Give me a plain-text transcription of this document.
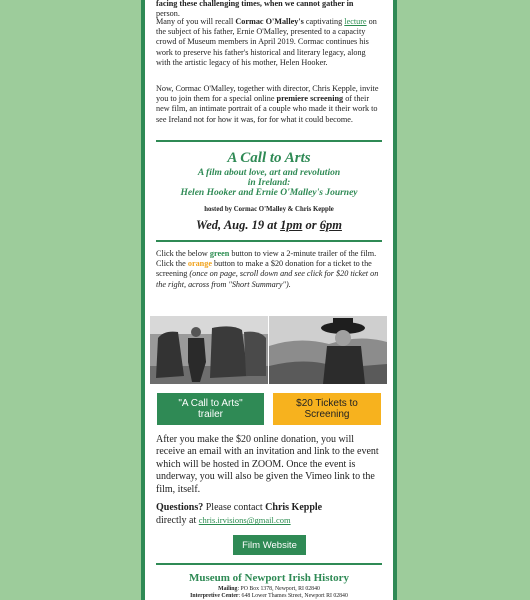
facing these challenging times, when we cannot gather in

person.

Many of you will recall Cormac O'Malley's captivating lecture on the subject of his father, Ernie O'Malley, presented to a capacity crowd of Museum members in April 2019. Cormac continues his work to preserve his father's historical and literary legacy, along with the artistic legacy of his mother, Helen Hooker.

Now, Cormac O'Malley, together with director, Chris Kepple, invite you to join them for a special online premiere screening of their new film, an intimate portrait of a couple who made it their work to see Ireland not for how it was, for for what it could become.

A Call to Arts
A film about love, art and revolution
in Ireland:
Helen Hooker and Ernie O'Malley's Journey
hosted by Cormac O'Malley & Chris Kepple
Wed, Aug. 19 at 1pm or 6pm

Click the below green button to view a 2-minute trailer of the film. Click the orange button to make a $20 donation for a ticket to the screening (once on page, scroll down and see click for $20 ticket on the right, across from "Short Summary").

"A Call to Arts"
trailer
$20 Tickets to
Screening

After you make the $20 online donation, you will receive an email with an invitation and link to the event which will be hosted in ZOOM. Once the event is underway, you will also be given the Vimeo link to the film, itself.

Questions? Please contact Chris Kepple
directly at chris.irvisions@gmail.com

Film Website
Museum of Newport Irish History
Mailing: PO Box 1378, Newport, RI 02840
Interpretive Center: 648 Lower Thames Street, Newport RI 02840
